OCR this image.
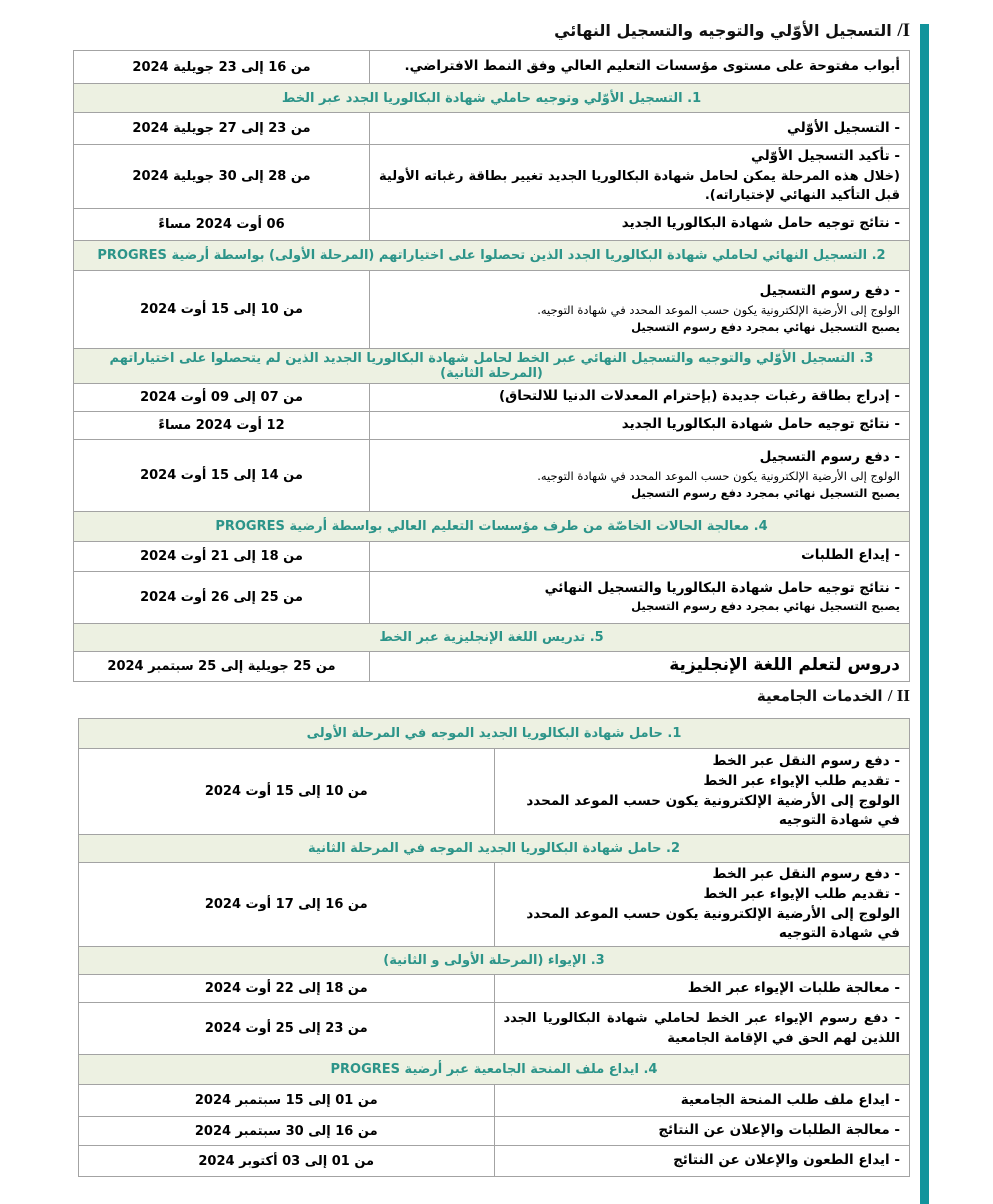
I/ التسجيل الأوّلي والتوجيه والتسجيل النهائي
أبواب مفتوحة على مستوى مؤسسات التعليم العالي وفق النمط الافتراضي.	من 16 إلى 23 جويلية 2024
1. التسجيل الأوّلي وتوجيه حاملي شهادة البكالوريا الجدد عبر الخط	

- التسجيل الأوّلي	من 23 إلى 27 جويلية 2024

- تأكيد التسجيل الأوّلي
(خلال هذه المرحلة يمكن لحامل شهادة البكالوريا الجديد تغيير بطاقة رغباته الأولية قبل التأكيد النهائي لإختياراته).	من 28 إلى 30 جويلية 2024

- نتائج توجيه حامل شهادة البكالوريا الجديد	06 أوت 2024 مساءً
2. التسجيل النهائي لحاملي شهادة البكالوريا الجدد الذين تحصلوا على اختياراتهم (المرحلة الأولى) بواسطة أرضية PROGRES	

- دفع رسوم التسجيل
الولوج إلى الأرضية الإلكترونية يكون حسب الموعد المحدد في شهادة التوجيه.
يصبح التسجيل نهائي بمجرد دفع رسوم التسجيل	من 10 إلى 15 أوت 2024
3. التسجيل الأوّلي والتوجيه والتسجيل النهائي عبر الخط لحامل شهادة البكالوريا الجديد الذين لم يتحصلوا على اختياراتهم (المرحلة الثانية)	

- إدراج بطاقة رغبات جديدة (بإحترام المعدلات الدنيا للالتحاق)	من 07 إلى 09 أوت 2024

- نتائج توجيه حامل شهادة البكالوريا الجديد	12 أوت 2024 مساءً

- دفع رسوم التسجيل
الولوج إلى الأرضية الإلكترونية يكون حسب الموعد المحدد في شهادة التوجيه.
يصبح التسجيل نهائي بمجرد دفع رسوم التسجيل	من 14 إلى 15 أوت 2024
4. معالجة الحالات الخاصّة من طرف مؤسسات التعليم العالي بواسطة أرضية PROGRES	

- إيداع الطلبات	من 18 إلى 21 أوت 2024

- نتائج توجيه حامل شهادة البكالوريا والتسجيل النهائي
يصبح التسجيل نهائي بمجرد دفع رسوم التسجيل	من 25 إلى 26 أوت 2024
5. تدريس اللغة الإنجليزية عبر الخط	

دروس لتعلم اللغة الإنجليزية	من 25 جويلية إلى 25 سبتمبر 2024
II / الخدمات الجامعية
1. حامل شهادة البكالوريا الجديد الموجه في المرحلة الأولى	

- دفع رسوم النقل عبر الخط
- تقديم طلب الإيواء عبر الخط
الولوج إلى الأرضية الإلكترونية يكون حسب الموعد المحدد في شهادة التوجيه	من 10 إلى 15 أوت 2024
2. حامل شهادة البكالوريا الجديد الموجه في المرحلة الثانية	

- دفع رسوم النقل عبر الخط
- تقديم طلب الإيواء عبر الخط
الولوج إلى الأرضية الإلكترونية يكون حسب الموعد المحدد في شهادة التوجيه	من 16 إلى 17 أوت 2024
3. الإيواء (المرحلة الأولى و الثانية)	

- معالجة طلبات الإيواء عبر الخط	من 18 إلى 22 أوت 2024

- دفع رسوم الإيواء عبر الخط لحاملي شهادة البكالوريا الجدد اللذين لهم الحق في الإقامة الجامعية	من 23 إلى 25 أوت 2024
4. ايداع ملف المنحة الجامعية عبر أرضية PROGRES	

- ايداع ملف طلب المنحة الجامعية	من 01 إلى 15 سبتمبر 2024

- معالجة الطلبات والإعلان عن النتائج	من 16 إلى 30 سبتمبر 2024

- ايداع الطعون والإعلان عن النتائج	من 01 إلى 03 أكتوبر 2024
